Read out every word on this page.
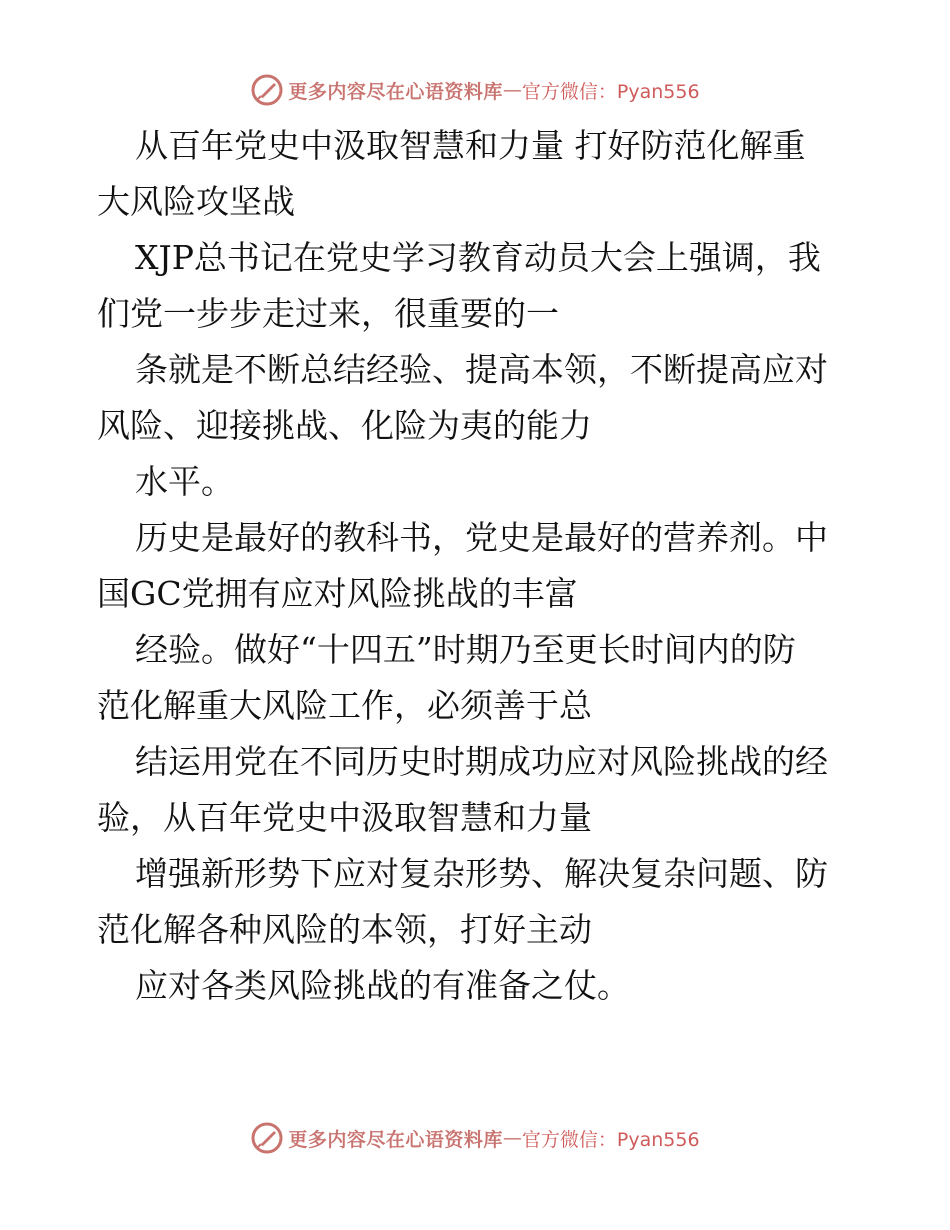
更多内容尽在心语资料库 — 官方微信：Pyan556
从百年党史中汲取智慧和力量 打好防范化解重
大风险攻坚战
XJP总书记在党史学习教育动员大会上强调，我
们党一步步走过来，很重要的一
条就是不断总结经验、提高本领，不断提高应对
风险、迎接挑战、化险为夷的能力
水平。
历史是最好的教科书，党史是最好的营养剂。中
国GC党拥有应对风险挑战的丰富
经验。做好“十四五”时期乃至更长时间内的防
范化解重大风险工作，必须善于总
结运用党在不同历史时期成功应对风险挑战的经
验，从百年党史中汲取智慧和力量
增强新形势下应对复杂形势、解决复杂问题、防
范化解各种风险的本领，打好主动
应对各类风险挑战的有准备之仗。
更多内容尽在心语资料库 — 官方微信：Pyan556
